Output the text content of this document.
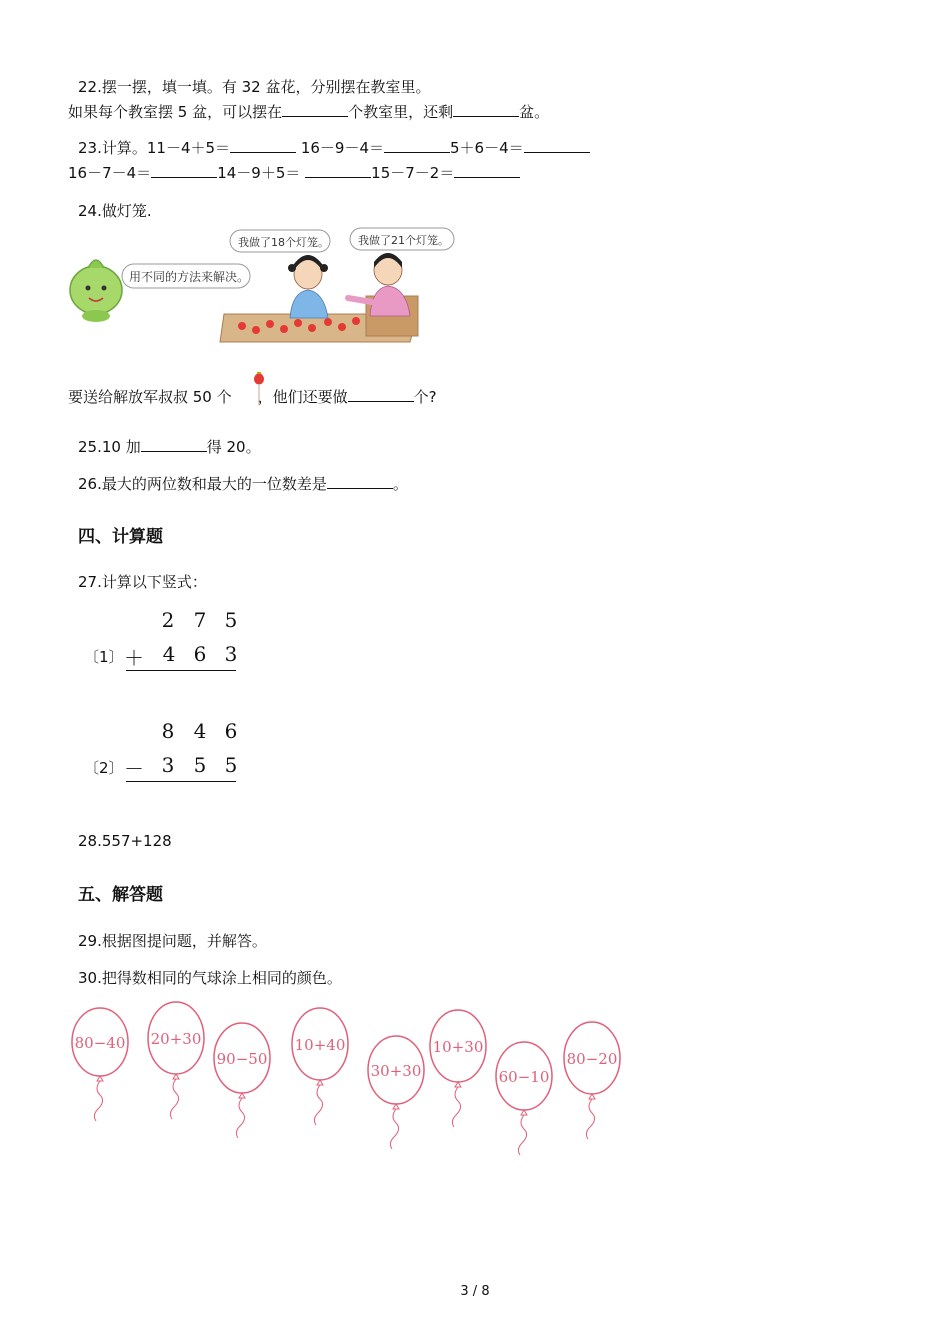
22.摆一摆，填一填。有 32 盆花，分别摆在教室里。
如果每个教室摆 5 盆，可以摆在	个教室里，还剩	盆。
23.计算。11－4＋5＝	16－9－4＝	5＋6－4＝
16－7－4＝	14－9＋5＝	15－7－2＝
24.做灯笼.
用不同的方法来解决。
我做了18个灯笼。	我做了21个灯笼。
要送给解放军叔叔 50 个 ，他们还要做	个?
25.10 加	得 20。
26.最大的两位数和最大的一位数差是	。
四、计算题
27.计算以下竖式：
〔1〕
2 7 5
＋ 4 6 3
〔2〕
8 4 6
－ 3 5 5
28.557+128
五、解答题
29.根据图提问题，并解答。
30.把得数相同的气球涂上相同的颜色。
80−40 20+30
90−50
10+40
30+30
10+30
60−10
80−20
3 / 8
